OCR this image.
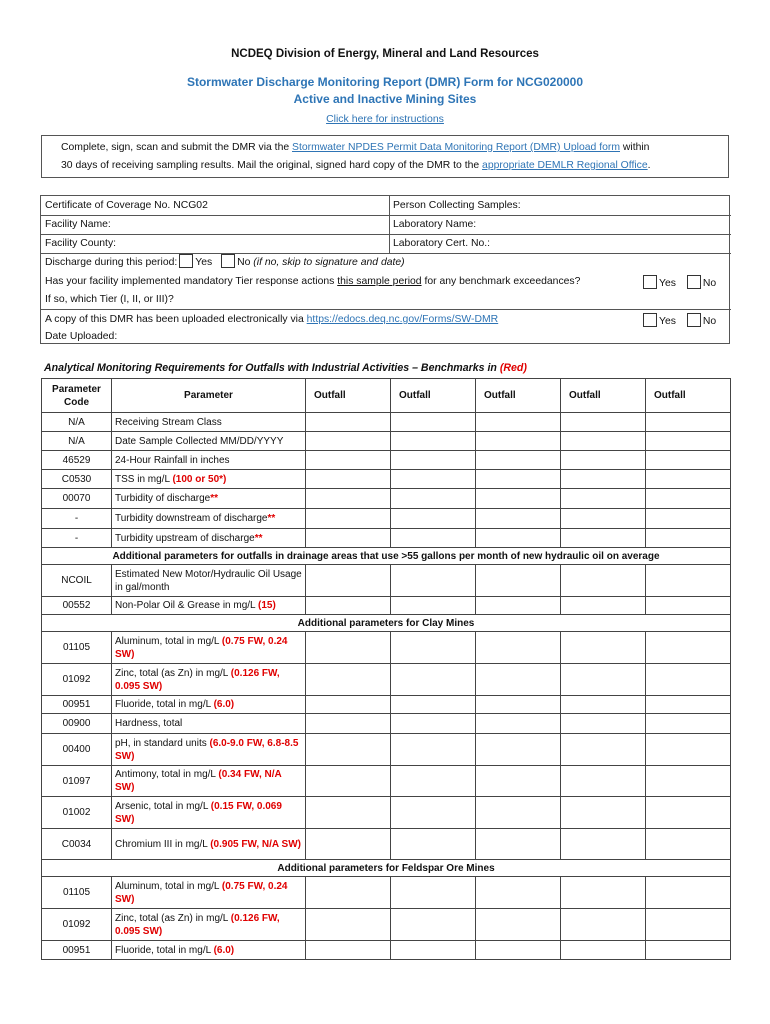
NCDEQ Division of Energy, Mineral and Land Resources
Stormwater Discharge Monitoring Report (DMR) Form for NCG020000
Active and Inactive Mining Sites
Click here for instructions
Complete, sign, scan and submit the DMR via the Stormwater NPDES Permit Data Monitoring Report (DMR) Upload form within
30 days of receiving sampling results. Mail the original, signed hard copy of the DMR to the appropriate DEMLR Regional Office.
Certificate of Coverage No. NCG02	Person Collecting Samples:
Facility Name:	Laboratory Name:
Facility County:	Laboratory Cert. No.:
Discharge during this period: Yes No (if no, skip to signature and date)
Has your facility implemented mandatory Tier response actions this sample period for any benchmark exceedances?	Yes	No
If so, which Tier (I, II, or III)?
A copy of this DMR has been uploaded electronically via https://edocs.deq.nc.gov/Forms/SW-DMR	Yes	No
Date Uploaded:
Analytical Monitoring Requirements for Outfalls with Industrial Activities – Benchmarks in (Red)
Parameter Code	Parameter	Outfall	Outfall	Outfall	Outfall	Outfall
N/A	Receiving Stream Class					
N/A	Date Sample Collected MM/DD/YYYY					
46529	24-Hour Rainfall in inches					
C0530	TSS in mg/L (100 or 50*)					
00070	Turbidity of discharge**					
-	Turbidity downstream of discharge**					
-	Turbidity upstream of discharge**					
Additional parameters for outfalls in drainage areas that use >55 gallons per month of new hydraulic oil on average						
NCOIL	Estimated New Motor/Hydraulic Oil Usage in gal/month					
00552	Non-Polar Oil & Grease in mg/L (15)					
Additional parameters for Clay Mines						
01105	Aluminum, total in mg/L (0.75 FW, 0.24 SW)					
01092	Zinc, total (as Zn) in mg/L (0.126 FW, 0.095 SW)					
00951	Fluoride, total in mg/L (6.0)					
00900	Hardness, total					
00400	pH, in standard units (6.0-9.0 FW, 6.8-8.5 SW)					
01097	Antimony, total in mg/L (0.34 FW, N/A SW)					
01002	Arsenic, total in mg/L (0.15 FW, 0.069 SW)					
C0034	Chromium III in mg/L (0.905 FW, N/A SW)					
Additional parameters for Feldspar Ore Mines						
01105	Aluminum, total in mg/L (0.75 FW, 0.24 SW)					
01092	Zinc, total (as Zn) in mg/L (0.126 FW, 0.095 SW)					
00951	Fluoride, total in mg/L (6.0)					
